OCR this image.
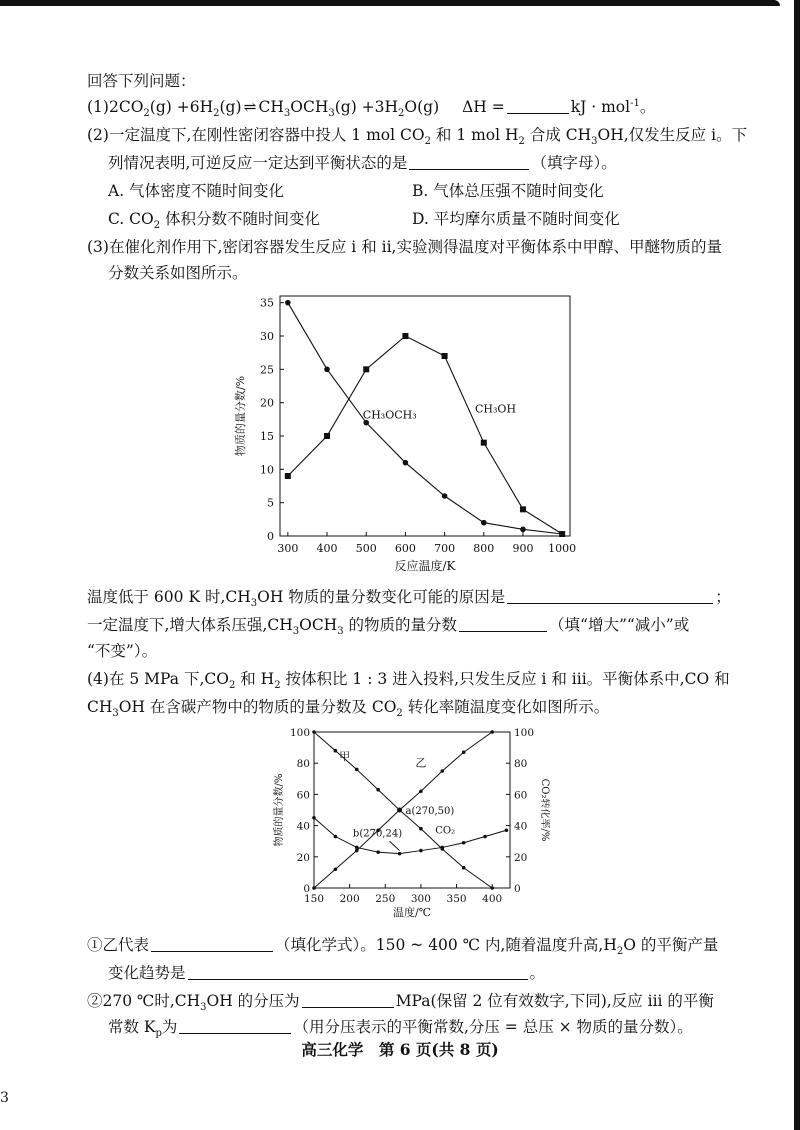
回答下列问题：
$(1)2CO_2(g) +6H_2(g)$ ⇌ $CH_3OCH_3(g) +3H_2O(g) \Delta H$ =	kJ · mol$^{-1}$。
(2)一定温度下,在刚性密闭容器中投人 1 mol $CO_2$ 和 1 mol $H_2$ 合成 $CH_3OH$,仅发生反应 i。下
列情况表明,可逆反应一定达到平衡状态的是	（填字母）。
A. 气体密度不随时间变化	B. 气体总压强不随时间变化
C. $CO_2$ 体积分数不随时间变化	D. 平均摩尔质量不随时间变化
(3)在催化剂作用下,密闭容器发生反应 i 和 ii,实验测得温度对平衡体系中甲醇、甲醚物质的量
分数关系如图所示。
300 400 500 600 700 800 900 1000
0
5
10
15
20
25
30
35
反应温度/K
物质的量分数/%	CH₃OH
CH₃OCH₃
温度低于 600 K 时$,CH_3OH$ 物质的量分数变化可能的原因是	；
一定温度下,增大体系压强$,CH_3OCH_3$ 的物质的量分数	（填“增大”“减小”或
“不变”）。
(4)在 5 MPa 下$,CO_2$ 和 $H_2$ 按体积比 1 : 3 进入投料,只发生反应 i 和 iii。平衡体系中,CO 和
$CH_3OH$ 在含碳产物中的物质的量分数及 $CO_2$ 转化率随温度变化如图所示。
150 200 250 300 350 400
0
20
40
60
80
100
0
20
40
60
80
100
温度/℃
物质的量分数/%	CO₂转化率/%
甲	乙
CO₂
a(270,50)
b(270,24)
①乙代表	（填化学式）。150 ~ 400 ℃ 内,随着温度升高$,H_2O$ 的平衡产量
变化趋势是	。
②270 ℃时$,CH_3OH$ 的分压为	MPa(保留 2 位有效数字,下同),反应 iii 的平衡
常数 $K_p$为	（用分压表示的平衡常数,分压 = 总压 × 物质的量分数）。
高三化学　第 6 页(共 8 页)
3
